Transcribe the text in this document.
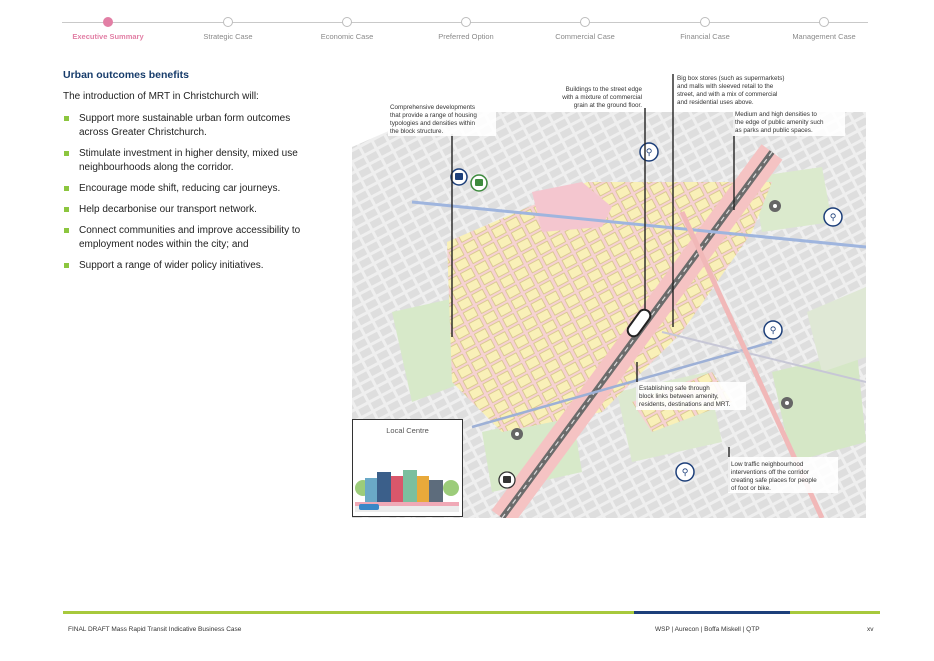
Executive Summary	Strategic Case	Economic Case	Preferred Option	Commercial Case	Financial Case	Management Case
Urban outcomes benefits
The introduction of MRT in Christchurch will:
Support more sustainable urban form outcomes across Greater Christchurch.
Stimulate investment in higher density, mixed use neighbourhoods along the corridor.
Encourage mode shift, reducing car journeys.
Help decarbonise our transport network.
Connect communities and improve accessibility to employment nodes within the city; and
Support a range of wider policy initiatives.
⚲
⚲
⚲
⚲
Comprehensive developments
that provide a range of housing
typologies and densities within
the block structure.
Buildings to the street edge
with a mixture of commercial
grain at the ground floor.
Big box stores (such as supermarkets)
and malls with sleeved retail to the
street, and with a mix of commercial
and residential uses above.
Medium and high densities to
the edge of public amenity such
as parks and public spaces.
Establishing safe through
block links between amenity,
residents, destinations and MRT.
Low traffic neighbourhood
interventions off the corridor
creating safe places for people
of foot or bike.
Local Centre
FINAL DRAFT Mass Rapid Transit Indicative Business Case	WSP | Aurecon | Boffa Miskell | QTP	xv
